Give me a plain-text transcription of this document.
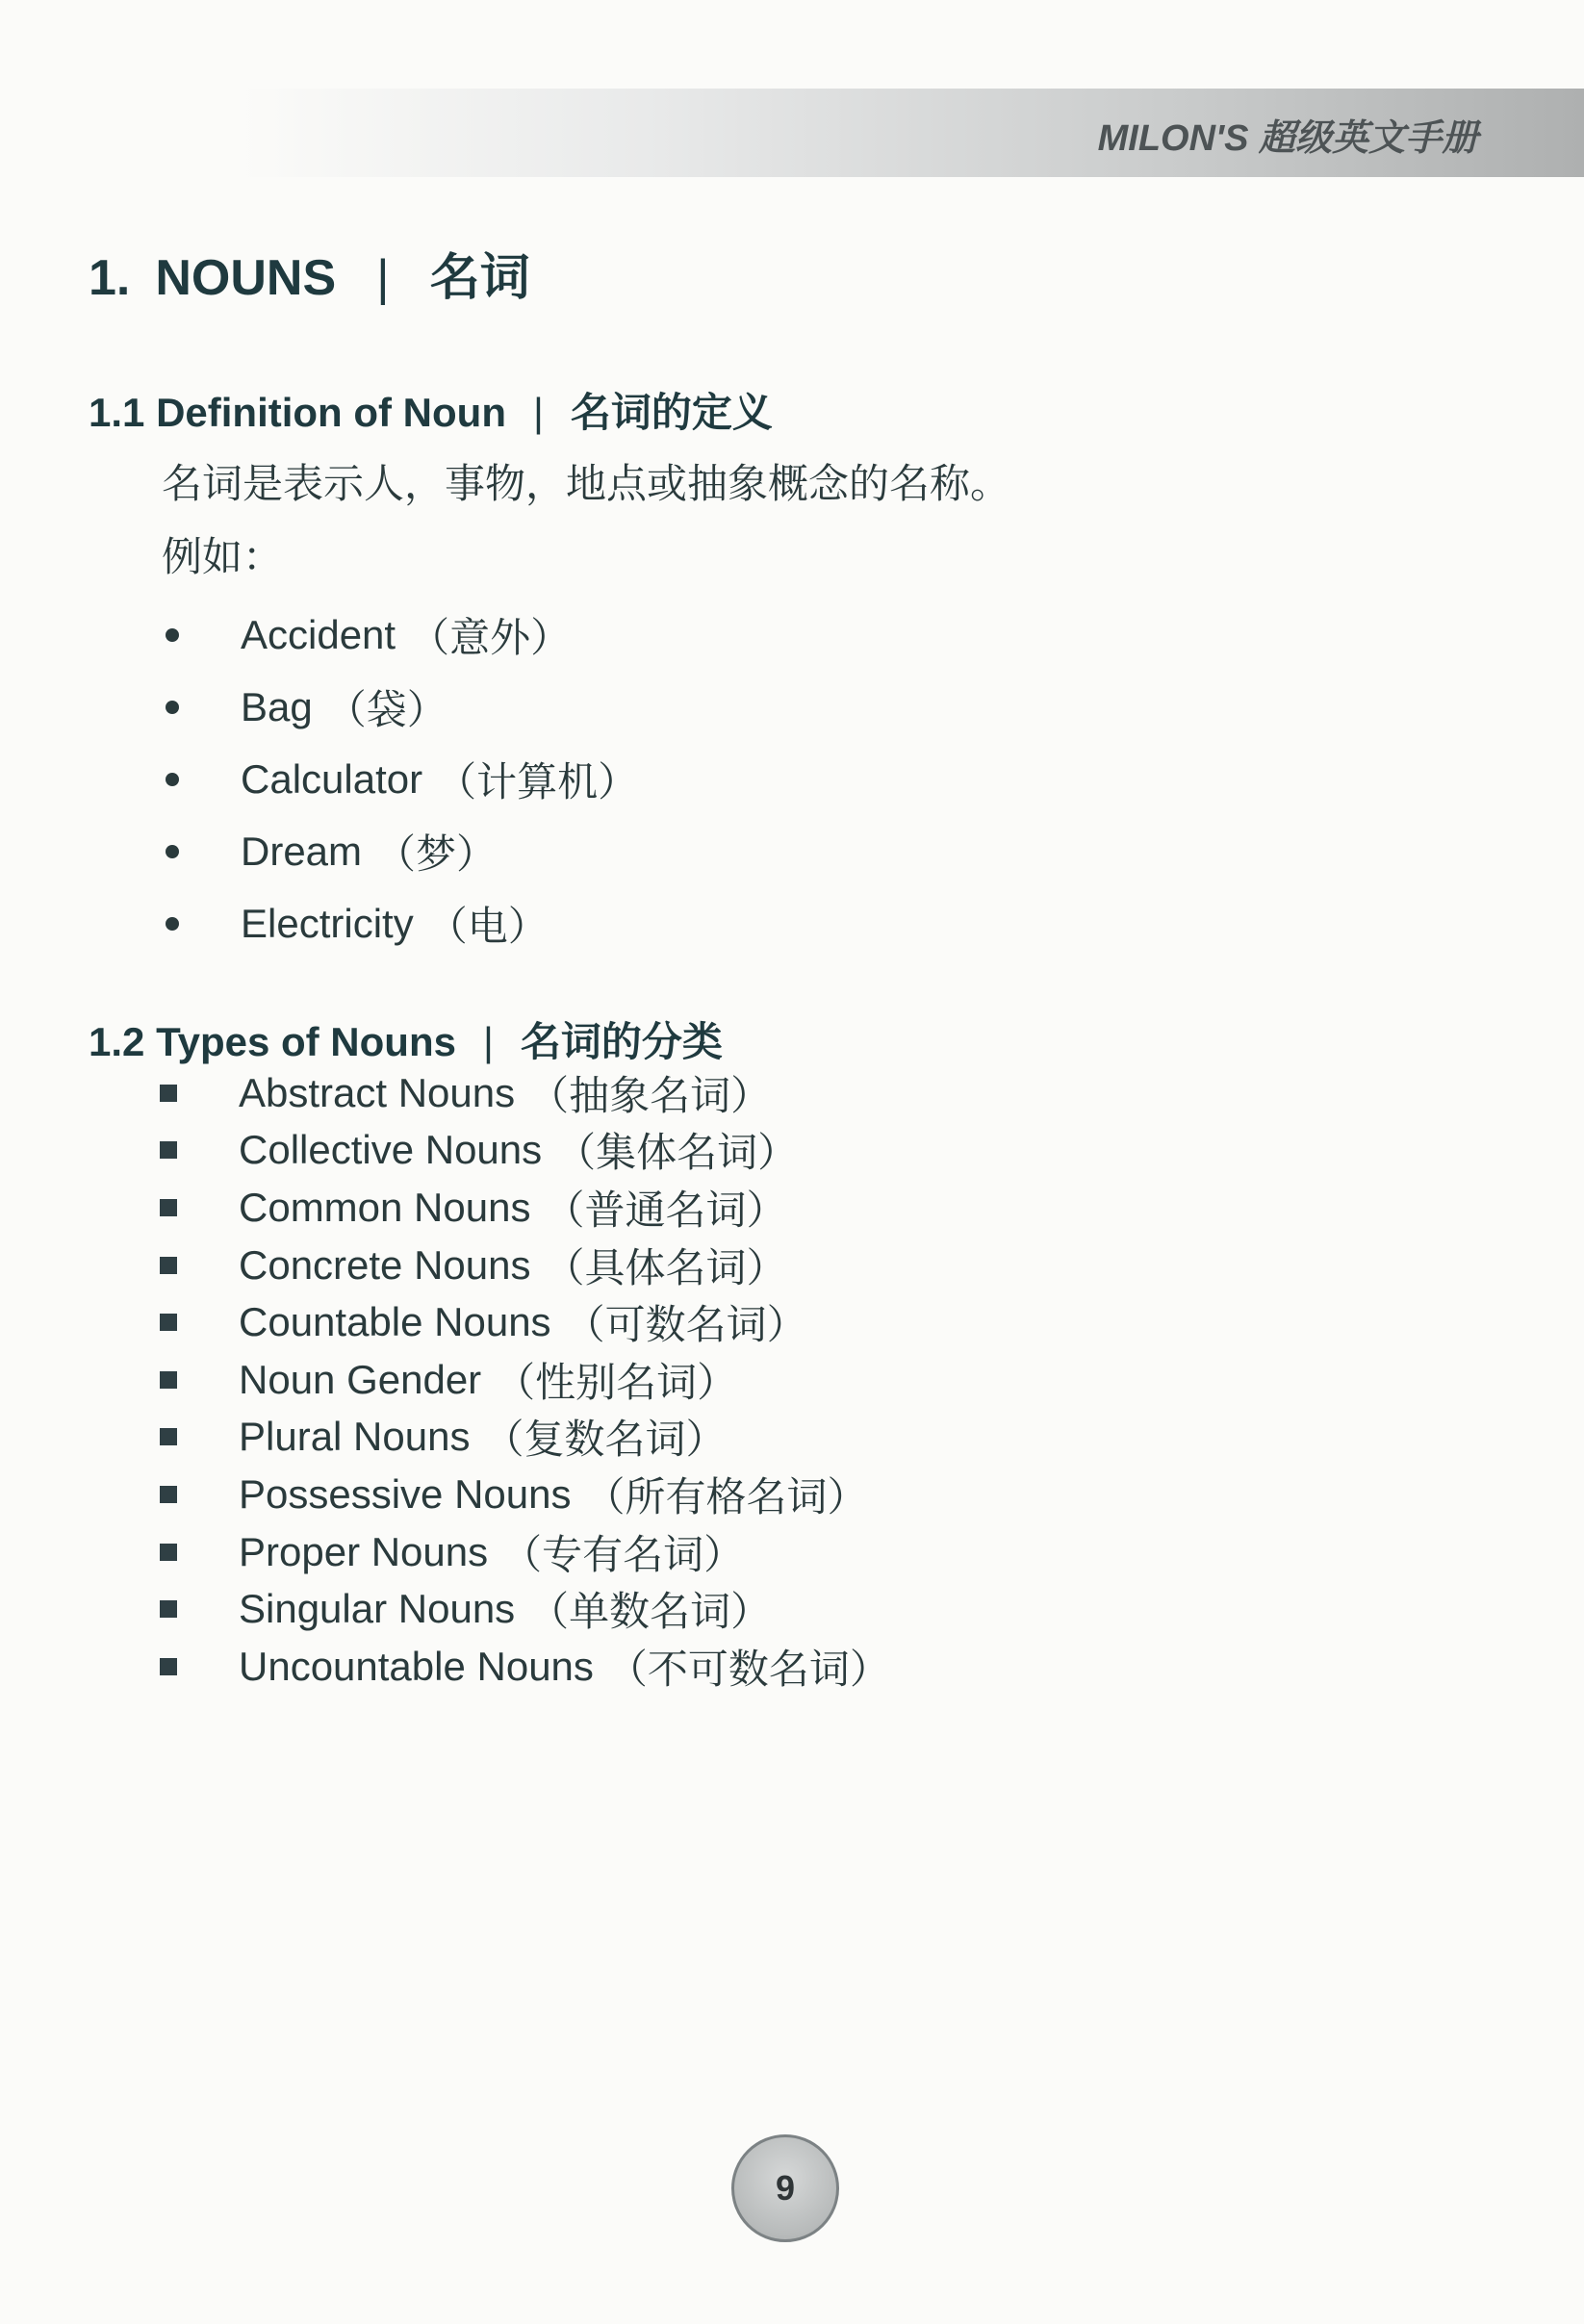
MILON'S 超级英文手册
1. NOUNS | 名词
1.1 Definition of Noun | 名词的定义
名词是表示人，事物，地点或抽象概念的名称。
例如：
Accident （意外）
Bag （袋）
Calculator （计算机）
Dream （梦）
Electricity （电）
1.2 Types of Nouns | 名词的分类
Abstract Nouns （抽象名词）
Collective Nouns （集体名词）
Common Nouns （普通名词）
Concrete Nouns （具体名词）
Countable Nouns （可数名词）
Noun Gender （性别名词）
Plural Nouns （复数名词）
Possessive Nouns （所有格名词）
Proper Nouns （专有名词）
Singular Nouns （单数名词）
Uncountable Nouns （不可数名词）
9
